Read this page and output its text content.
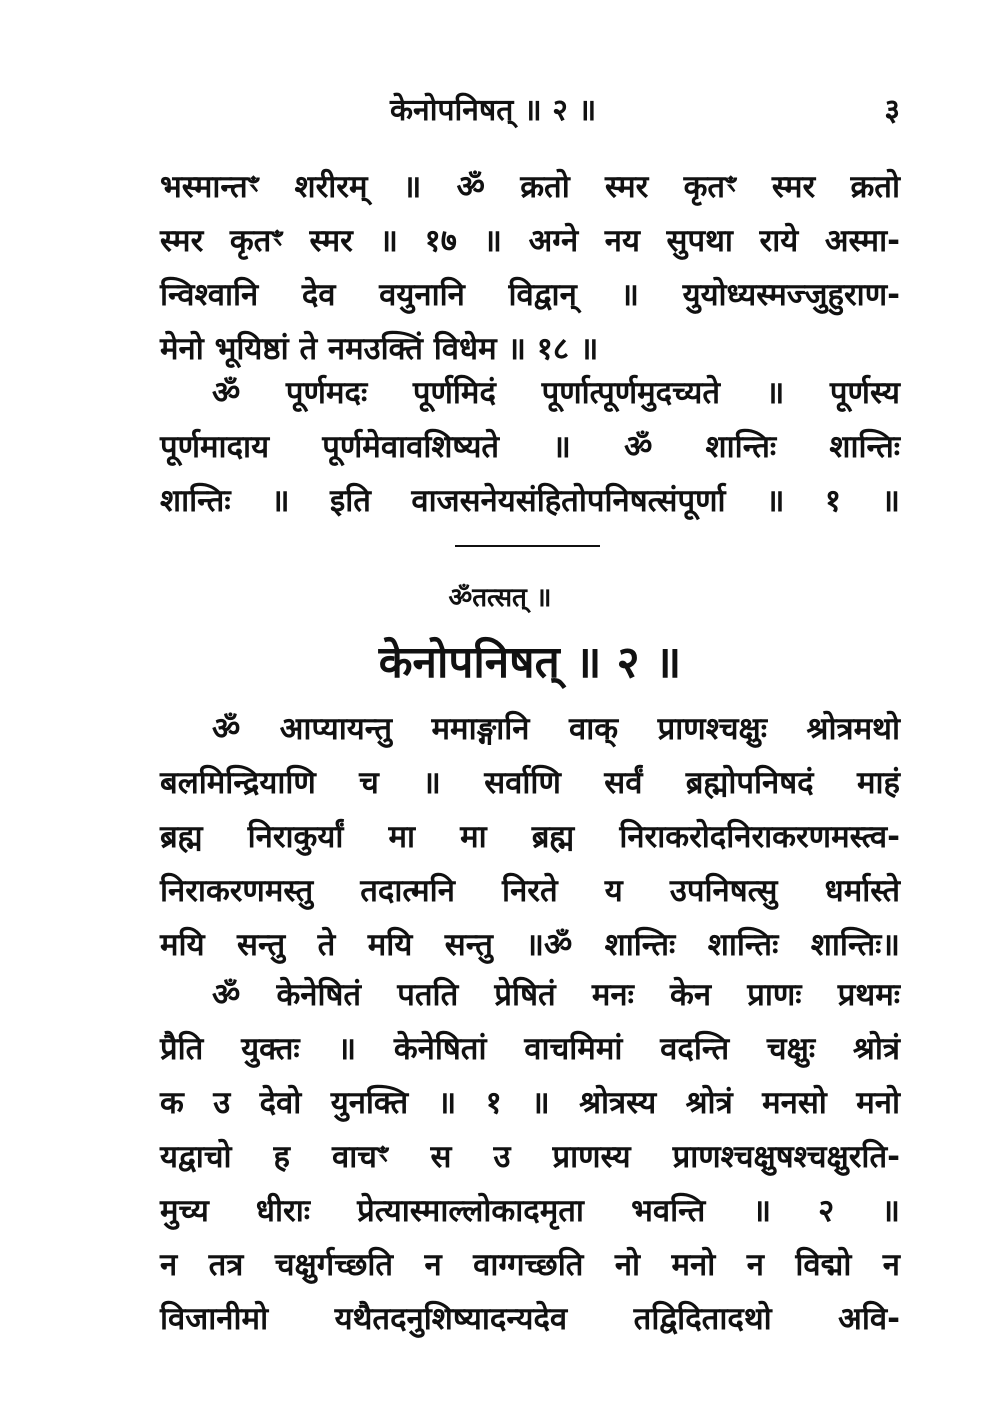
केनोपनिषत् ॥ २ ॥	३
भस्मान्तꣳ शरीरम् ॥ ॐ क्रतो स्मर कृतꣳ स्मर क्रतो
स्मर कृतꣳ स्मर ॥ १७ ॥ अग्ने नय सुपथा राये अस्मा-
न्विश्वानि देव वयुनानि विद्वान् ॥ युयोध्यस्मज्जुहुराण-
मेनो भूयिष्ठां ते नमउक्तिं विधेम ॥ १८ ॥
ॐ पूर्णमदः पूर्णमिदं पूर्णात्पूर्णमुदच्यते ॥ पूर्णस्य
पूर्णमादाय पूर्णमेवावशिष्यते ॥ ॐ शान्तिः शान्तिः
शान्तिः ॥ इति वाजसनेयसंहितोपनिषत्संपूर्णा ॥ १ ॥
ॐतत्सत् ॥
केनोपनिषत् ॥ २ ॥
ॐ आप्यायन्तु ममाङ्गानि वाक् प्राणश्चक्षुः श्रोत्रमथो
बलमिन्द्रियाणि च ॥ सर्वाणि सर्वं ब्रह्मोपनिषदं माहं
ब्रह्म निराकुर्यां मा मा ब्रह्म निराकरोदनिराकरणमस्त्व-
निराकरणमस्तु तदात्मनि निरते य उपनिषत्सु धर्मास्ते
मयि सन्तु ते मयि सन्तु ॥ॐ शान्तिः शान्तिः शान्तिः॥
ॐ केनेषितं पतति प्रेषितं मनः केन प्राणः प्रथमः
प्रैति युक्तः ॥ केनेषितां वाचमिमां वदन्ति चक्षुः श्रोत्रं
क उ देवो युनक्ति ॥ १ ॥ श्रोत्रस्य श्रोत्रं मनसो मनो
यद्वाचो ह वाचꣳ स उ प्राणस्य प्राणश्चक्षुषश्चक्षुरति-
मुच्य धीराः प्रेत्यास्माल्लोकादमृता भवन्ति ॥ २ ॥
न तत्र चक्षुर्गच्छति न वाग्गच्छति नो मनो न विद्मो न
विजानीमो यथैतदनुशिष्यादन्यदेव तद्विदितादथो अवि-
